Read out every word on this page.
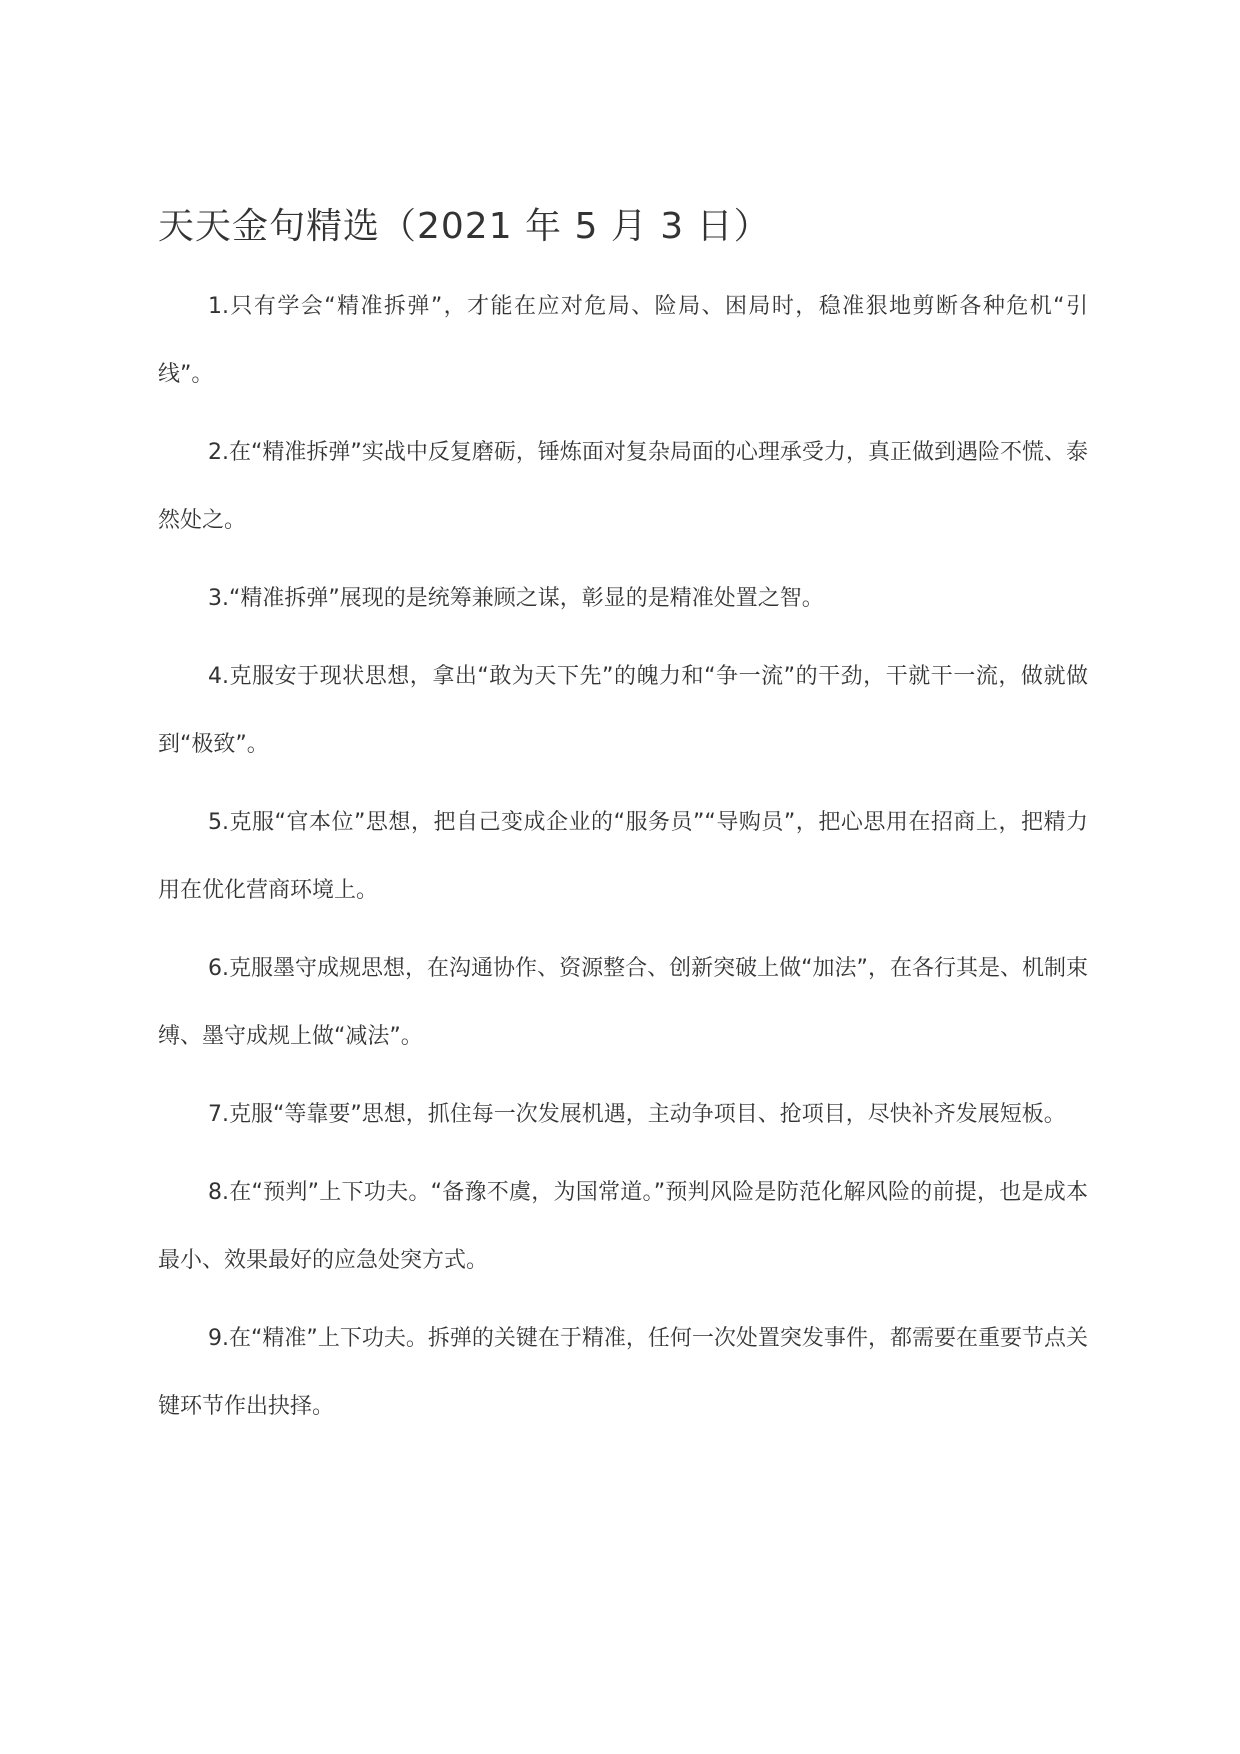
天天金句精选（2021 年 5 月 3 日）
1.只有学会“精准拆弹”，才能在应对危局、险局、困局时，稳准狠地剪断各种危机“引线”。
2.在“精准拆弹”实战中反复磨砺，锤炼面对复杂局面的心理承受力，真正做到遇险不慌、泰然处之。
3.“精准拆弹”展现的是统筹兼顾之谋，彰显的是精准处置之智。
4.克服安于现状思想，拿出“敢为天下先”的魄力和“争一流”的干劲，干就干一流，做就做到“极致”。
5.克服“官本位”思想，把自己变成企业的“服务员”“导购员”，把心思用在招商上，把精力用在优化营商环境上。
6.克服墨守成规思想，在沟通协作、资源整合、创新突破上做“加法”，在各行其是、机制束缚、墨守成规上做“减法”。
7.克服“等靠要”思想，抓住每一次发展机遇，主动争项目、抢项目，尽快补齐发展短板。
8.在“预判”上下功夫。“备豫不虞，为国常道。”预判风险是防范化解风险的前提，也是成本最小、效果最好的应急处突方式。
9.在“精准”上下功夫。拆弹的关键在于精准，任何一次处置突发事件，都需要在重要节点关键环节作出抉择。
